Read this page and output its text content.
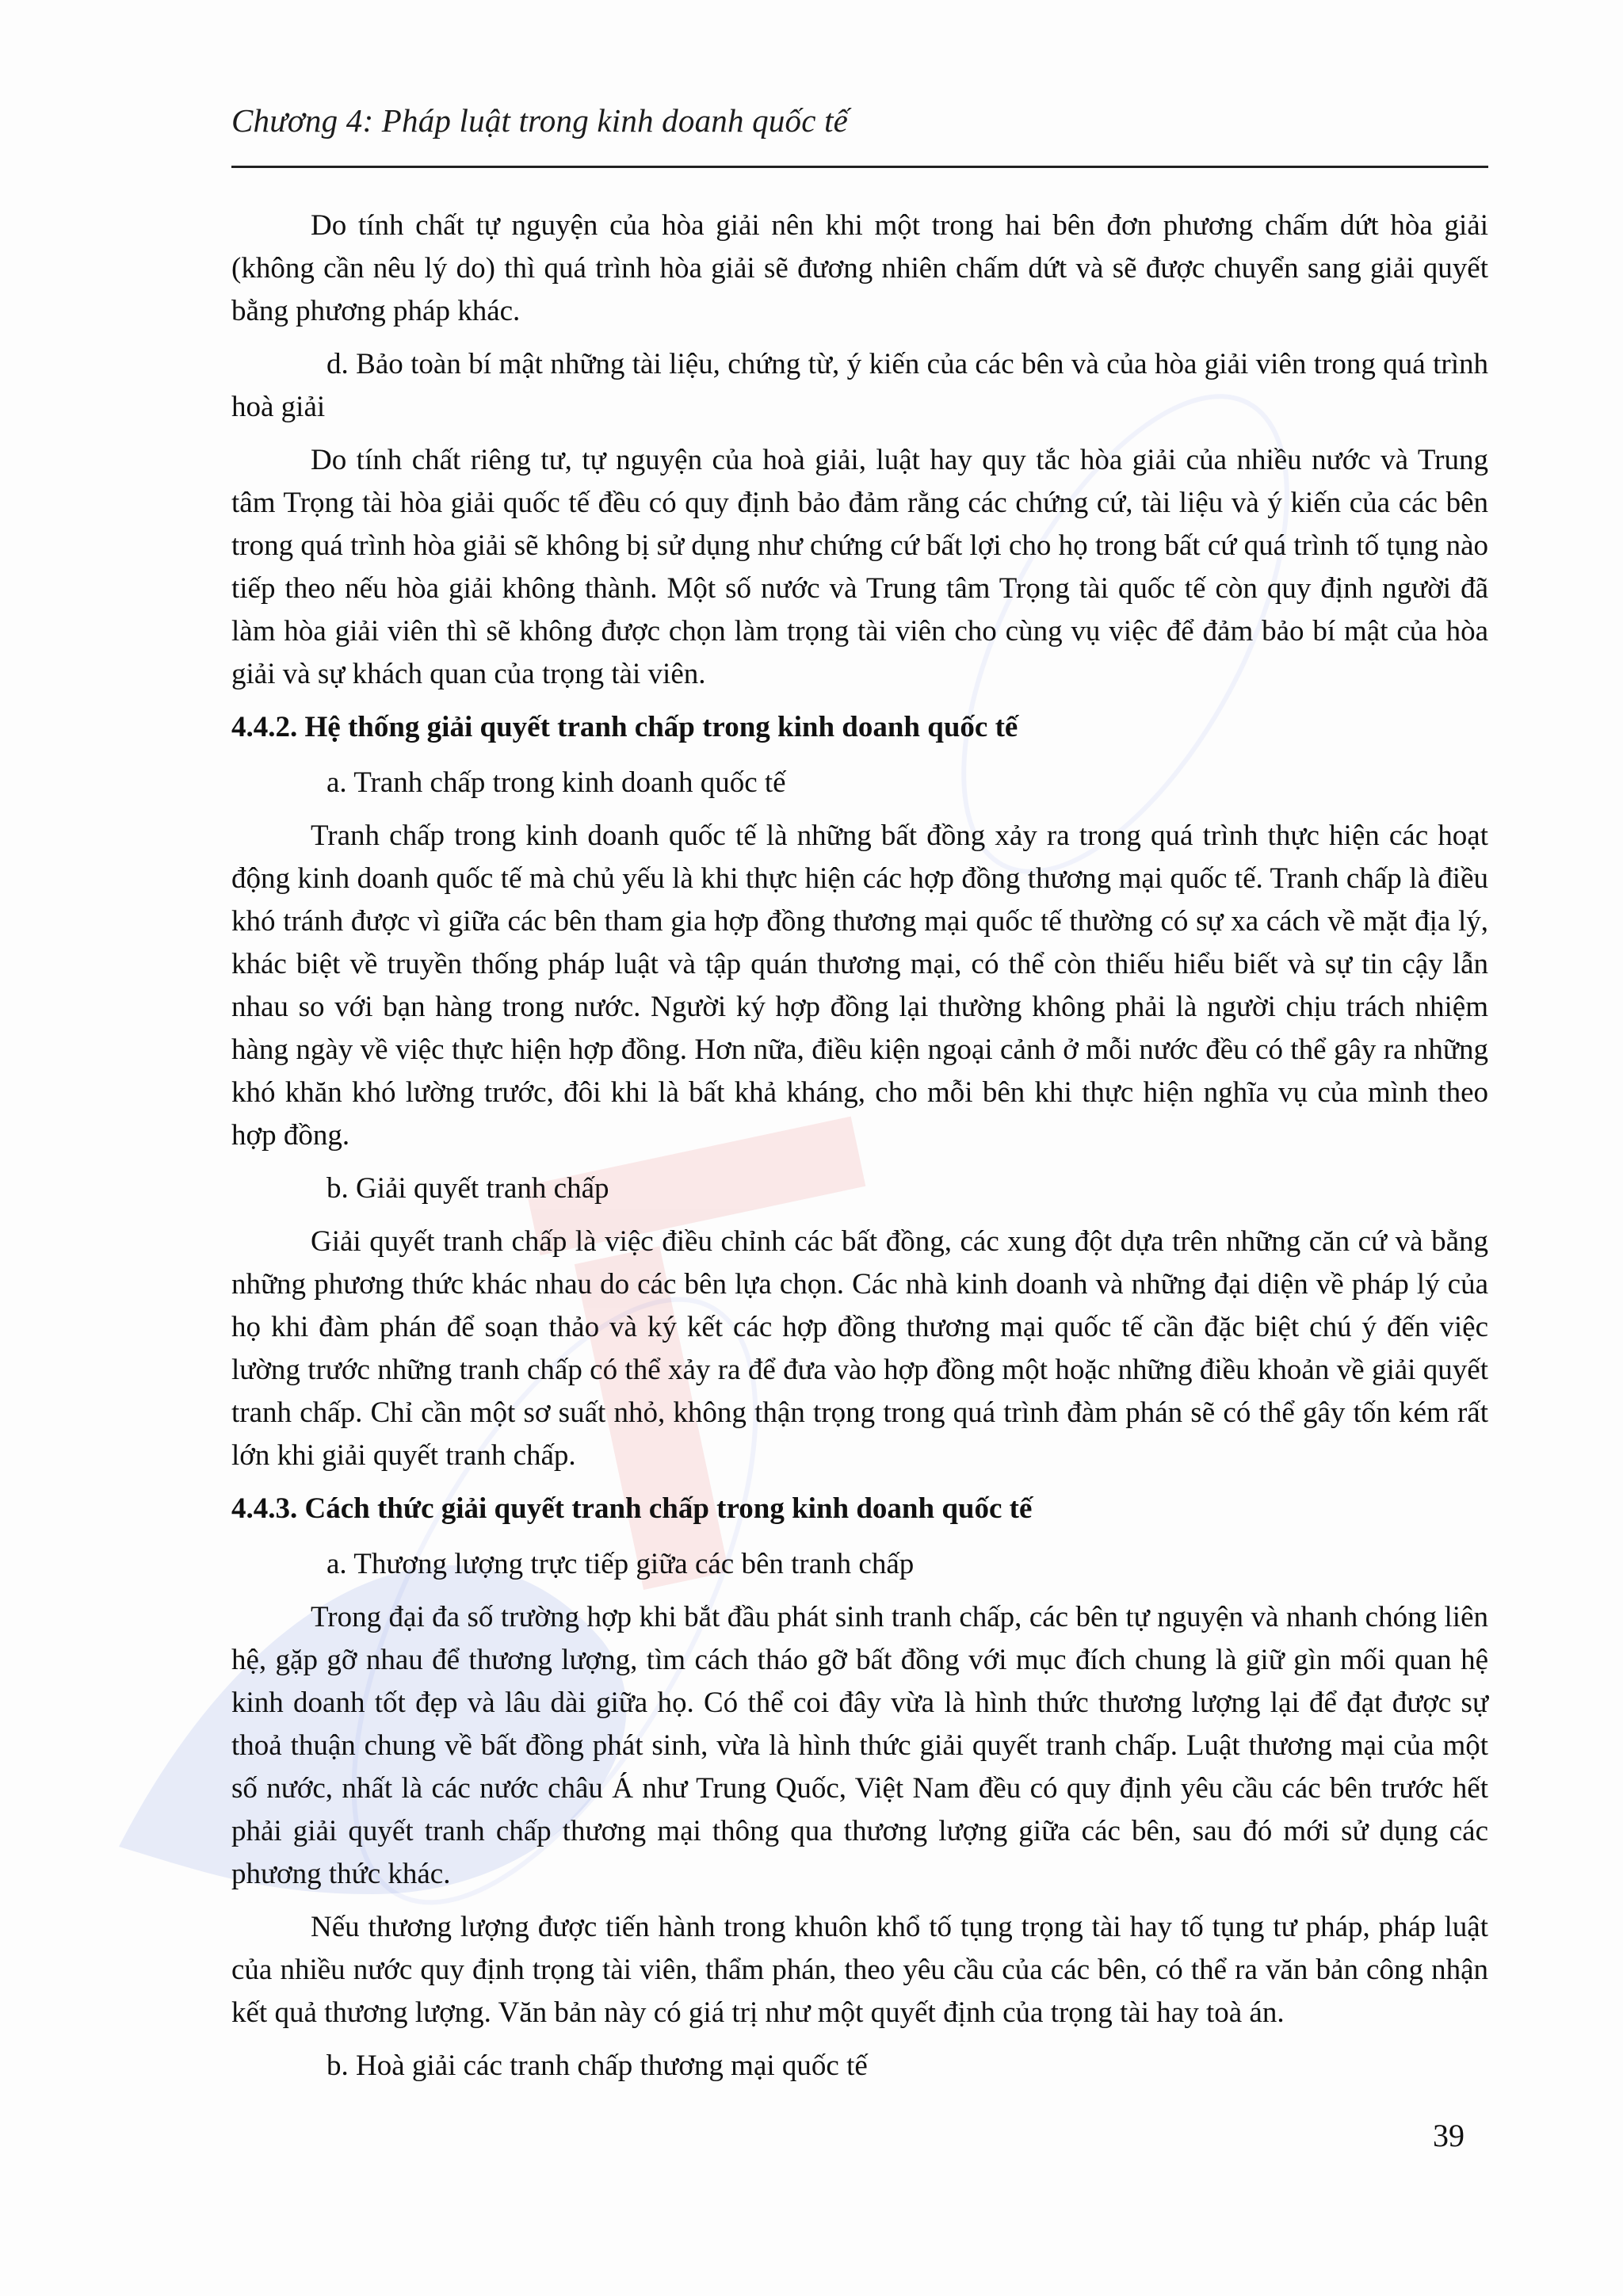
Chương 4: Pháp luật trong kinh doanh quốc tế

Do tính chất tự nguyện của hòa giải nên khi một trong hai bên đơn phương chấm dứt hòa giải (không cần nêu lý do) thì quá trình hòa giải sẽ đương nhiên chấm dứt và sẽ được chuyển sang giải quyết bằng phương pháp khác.

d. Bảo toàn bí mật những tài liệu, chứng từ, ý kiến của các bên và của hòa giải viên trong quá trình hoà giải

Do tính chất riêng tư, tự nguyện của hoà giải, luật hay quy tắc hòa giải của nhiều nước và Trung tâm Trọng tài hòa giải quốc tế đều có quy định bảo đảm rằng các chứng cứ, tài liệu và ý kiến của các bên trong quá trình hòa giải sẽ không bị sử dụng như chứng cứ bất lợi cho họ trong bất cứ quá trình tố tụng nào tiếp theo nếu hòa giải không thành. Một số nước và Trung tâm Trọng tài quốc tế còn quy định người đã làm hòa giải viên thì sẽ không được chọn làm trọng tài viên cho cùng vụ việc để đảm bảo bí mật của hòa giải và sự khách quan của trọng tài viên.

4.4.2. Hệ thống giải quyết tranh chấp trong kinh doanh quốc tế

a. Tranh chấp trong kinh doanh quốc tế

Tranh chấp trong kinh doanh quốc tế là những bất đồng xảy ra trong quá trình thực hiện các hoạt động kinh doanh quốc tế mà chủ yếu là khi thực hiện các hợp đồng thương mại quốc tế. Tranh chấp là điều khó tránh được vì giữa các bên tham gia hợp đồng thương mại quốc tế thường có sự xa cách về mặt địa lý, khác biệt về truyền thống pháp luật và tập quán thương mại, có thể còn thiếu hiểu biết và sự tin cậy lẫn nhau so với bạn hàng trong nước. Người ký hợp đồng lại thường không phải là người chịu trách nhiệm hàng ngày về việc thực hiện hợp đồng. Hơn nữa, điều kiện ngoại cảnh ở mỗi nước đều có thể gây ra những khó khăn khó lường trước, đôi khi là bất khả kháng, cho mỗi bên khi thực hiện nghĩa vụ của mình theo hợp đồng.

b. Giải quyết tranh chấp

Giải quyết tranh chấp là việc điều chỉnh các bất đồng, các xung đột dựa trên những căn cứ và bằng những phương thức khác nhau do các bên lựa chọn. Các nhà kinh doanh và những đại diện về pháp lý của họ khi đàm phán để soạn thảo và ký kết các hợp đồng thương mại quốc tế cần đặc biệt chú ý đến việc lường trước những tranh chấp có thể xảy ra để đưa vào hợp đồng một hoặc những điều khoản về giải quyết tranh chấp. Chỉ cần một sơ suất nhỏ, không thận trọng trong quá trình đàm phán sẽ có thể gây tốn kém rất lớn khi giải quyết tranh chấp.

4.4.3. Cách thức giải quyết tranh chấp trong kinh doanh quốc tế

a. Thương lượng trực tiếp giữa các bên tranh chấp

Trong đại đa số trường hợp khi bắt đầu phát sinh tranh chấp, các bên tự nguyện và nhanh chóng liên hệ, gặp gỡ nhau để thương lượng, tìm cách tháo gỡ bất đồng với mục đích chung là giữ gìn mối quan hệ kinh doanh tốt đẹp và lâu dài giữa họ. Có thể coi đây vừa là hình thức thương lượng lại để đạt được sự thoả thuận chung về bất đồng phát sinh, vừa là hình thức giải quyết tranh chấp. Luật thương mại của một số nước, nhất là các nước châu Á như Trung Quốc, Việt Nam đều có quy định yêu cầu các bên trước hết phải giải quyết tranh chấp thương mại thông qua thương lượng giữa các bên, sau đó mới sử dụng các phương thức khác.

Nếu thương lượng được tiến hành trong khuôn khổ tố tụng trọng tài hay tố tụng tư pháp, pháp luật của nhiều nước quy định trọng tài viên, thẩm phán, theo yêu cầu của các bên, có thể ra văn bản công nhận kết quả thương lượng. Văn bản này có giá trị như một quyết định của trọng tài hay toà án.

b. Hoà giải các tranh chấp thương mại quốc tế

39
